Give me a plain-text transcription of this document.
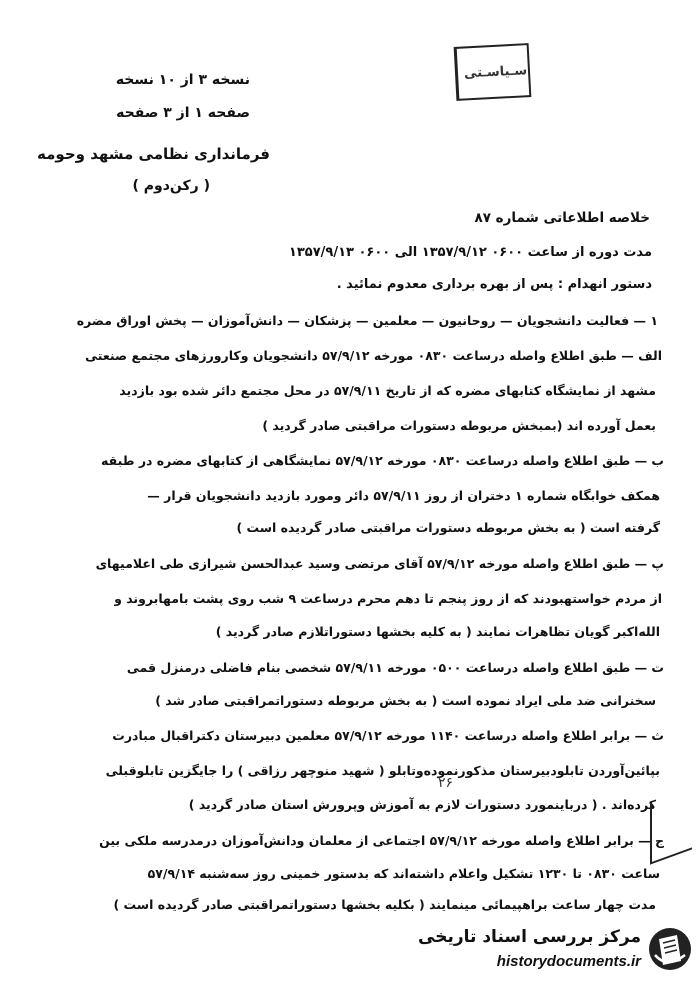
نسخه ۳ از ۱۰ نسخه
صفحه ۱ از ۳ صفحه
فرماندارى نظامى مشهد وحومه
( رکن‌دوم )
سـیاسـتی
خلاصه اطلاعاتى شماره ۸۷
مدت دوره از ساعت ۰۶۰۰ ۱۳۵۷/۹/۱۲ الى ۰۶۰۰ ۱۳۵۷/۹/۱۳
دستور انهدام : پس از بهره بردارى معدوم نمائید .
۱ — فعالیت دانشجویان — روحانیون — معلمین — پزشکان — دانش‌آموزان — پخش اوراق مضره
الف — طبق اطلاع واصله درساعت ۰۸۳۰ مورخه ۵۷/۹/۱۲ دانشجویان وکارورزهاى مجتمع صنعتى
مشهد از نمایشگاه کتابهاى مضره که از تاریخ ۵۷/۹/۱۱ در محل مجتمع دائر شده بود بازدید
بعمل آورده اند (بمبخش مربوطه دستورات مراقبتى صادر گردید )
ب — طبق اطلاع واصله درساعت ۰۸۳۰ مورخه ۵۷/۹/۱۲ نمایشگاهى از کتابهاى مضره در طبقه
همکف خوابگاه شماره ۱ دختران از روز ۵۷/۹/۱۱ دائر ومورد بازدید دانشجویان قرار —
گرفته است ( به بخش مربوطه دستورات مراقبتى صادر گردیده است )
پ — طبق اطلاع واصله مورخه ۵۷/۹/۱۲ آقاى مرتضى وسید عبدالحسن شیرازى طى اعلامیهاى
از مردم خواستهبودند که از روز پنجم تا دهم محرم درساعت ۹ شب روى پشت بامهابروند و
الله‌اکبر گویان تظاهرات نمایند ( به کلیه بخشها دستوراتلازم صادر گردید )
ت — طبق اطلاع واصله درساعت ۰۵۰۰ مورخه ۵۷/۹/۱۱ شخصى بنام فاضلى درمنزل قمى
سخنرانى ضد ملى ایراد نموده است ( به بخش مربوطه دستوراتمراقبتى صادر شد )
ث — برابر اطلاع واصله درساعت ۱۱۴۰ مورخه ۵۷/۹/۱۲ معلمین دبیرستان دکتراقبال مبادرت
بپائین‌آوردن تابلودبیرستان مذکورنموده‌وتابلو ( شهید منوچهر رزاقى ) را جایگزین تابلوقبلى
کرده‌اند . ( درباینمورد دستورات لازم به آموزش وپرورش استان صادر گردید )
ج — برابر اطلاع واصله مورخه ۵۷/۹/۱۲ اجتماعى از معلمان ودانش‌آموزان درمدرسه ملکى بین
ساعت ۰۸۳۰ تا ۱۲۳۰ تشکیل واعلام داشته‌اند که بدستور خمینى روز سه‌شنبه ۵۷/۹/۱۴
مدت چهار ساعت براهپیمائى مینمایند ( بکلیه بخشها دستوراتمراقبتى صادر گردیده است )
۲۶
مرکز بررسى اسناد تاریخى
historydocuments.ir
